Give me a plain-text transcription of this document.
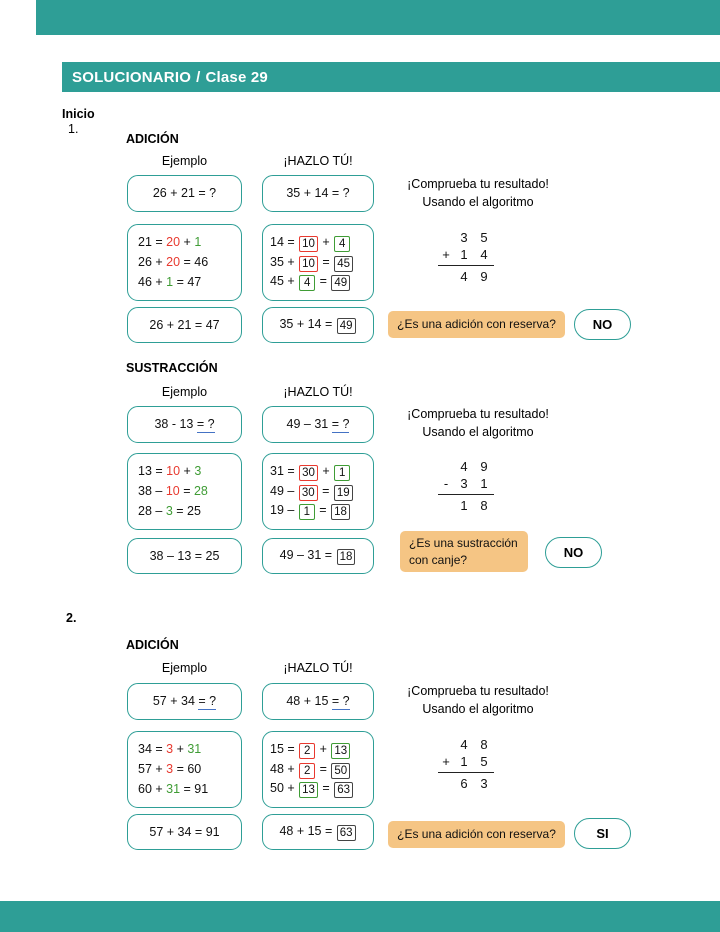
SOLUCIONARIO / Clase 29
Inicio
1.
ADICIÓN
Ejemplo	¡HAZLO TÚ!
26 + 21 = ?	35 + 14 = ?
¡Comprueba tu resultado!
Usando el algoritmo
21 = 20 + 1
26 + 20 = 46
46 + 1 = 47
14 = 10 + 4
35 + 10 = 45
45 + 4 = 49
3 5
+ 1 4
4 9
26 + 21 = 47	35 + 14 = 49	¿Es una adición con reserva?	NO
SUSTRACCIÓN
Ejemplo	¡HAZLO TÚ!
38 - 13 = ?	49 – 31 = ?
¡Comprueba tu resultado!
Usando el algoritmo
13 = 10 + 3
38 – 10 = 28
28 – 3 = 25
31 = 30 + 1
49 – 30 = 19
19 – 1 = 18
4 9
- 3 1
1 8
38 – 13 = 25	49 – 31 = 18
¿Es una sustracción
con canje?	NO
2.
ADICIÓN
Ejemplo	¡HAZLO TÚ!
57 + 34 = ?	48 + 15 = ?
¡Comprueba tu resultado!
Usando el algoritmo
34 = 3 + 31
57 + 3 = 60
60 + 31 = 91
15 = 2 + 13
48 + 2 = 50
50 + 13 = 63
4 8
+ 1 5
6 3
57 + 34 = 91	48 + 15 = 63	¿Es una adición con reserva?	SI
